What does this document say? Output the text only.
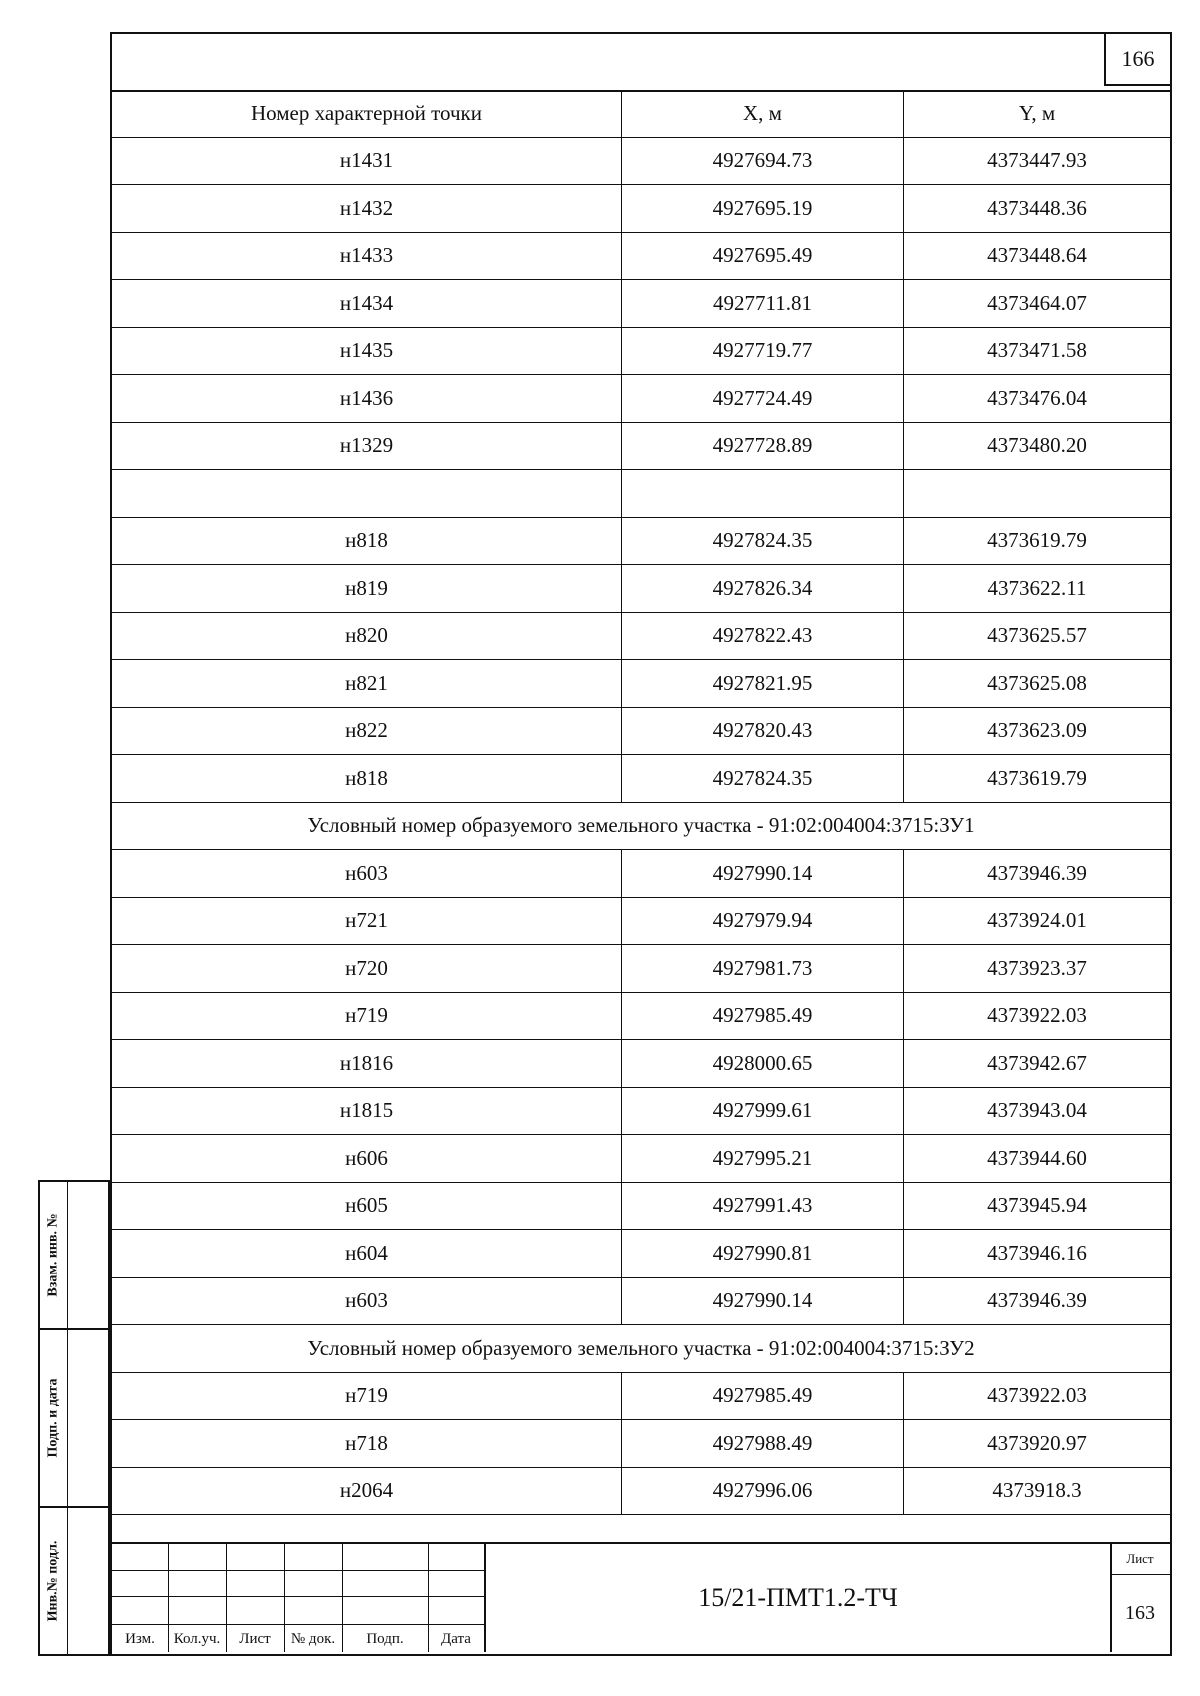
166
Номер характерной точки	X, м	Y, м
н1431	4927694.73	4373447.93
н1432	4927695.19	4373448.36
н1433	4927695.49	4373448.64
н1434	4927711.81	4373464.07
н1435	4927719.77	4373471.58
н1436	4927724.49	4373476.04
н1329	4927728.89	4373480.20

н818	4927824.35	4373619.79
н819	4927826.34	4373622.11
н820	4927822.43	4373625.57
н821	4927821.95	4373625.08
н822	4927820.43	4373623.09
н818	4927824.35	4373619.79
Условный номер образуемого земельного участка - 91:02:004004:3715:ЗУ1		
н603	4927990.14	4373946.39
н721	4927979.94	4373924.01
н720	4927981.73	4373923.37
н719	4927985.49	4373922.03
н1816	4928000.65	4373942.67
н1815	4927999.61	4373943.04
н606	4927995.21	4373944.60
н605	4927991.43	4373945.94
н604	4927990.81	4373946.16
н603	4927990.14	4373946.39
Условный номер образуемого земельного участка - 91:02:004004:3715:ЗУ2		
н719	4927985.49	4373922.03
н718	4927988.49	4373920.97
н2064	4927996.06	4373918.3
Изм.	Кол.уч.	Лист	№ док.	Подп.	Дата
15/21-ПМТ1.2-ТЧ
Лист
163
Взам. инв. №
Подп. и дата
Инв.№ подл.
